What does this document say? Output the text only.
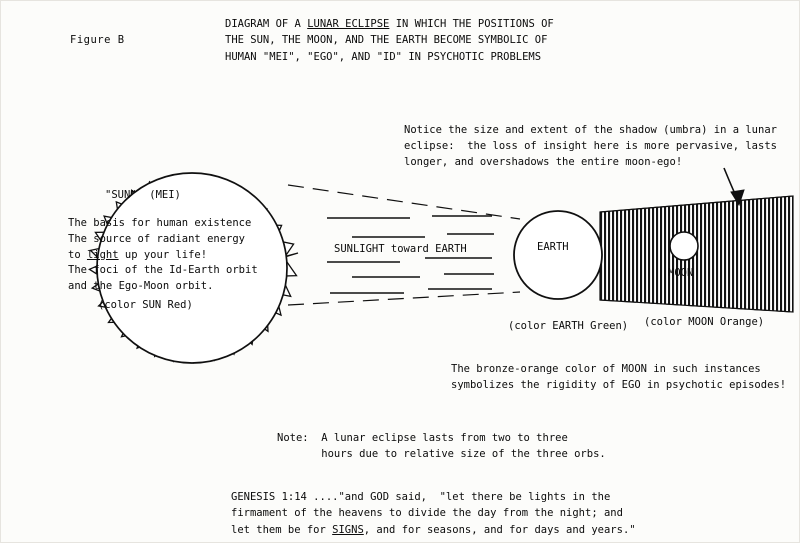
Figure B
DIAGRAM OF A LUNAR ECLIPSE IN WHICH THE POSITIONS OF
THE SUN, THE MOON, AND THE EARTH BECOME SYMBOLIC OF
HUMAN "MEI", "EGO", AND "ID" IN PSYCHOTIC PROBLEMS
"SUN"  (MEI)
The basis for human existence
The source of radiant energy
to light up your life!
The foci of the Id-Earth orbit
and the Ego-Moon orbit.
(color SUN Red)
SUNLIGHT toward EARTH	EARTH
(color EARTH Green)
MOON
(color MOON Orange)
Notice the size and extent of the shadow (umbra) in a lunar
eclipse:  the loss of insight here is more pervasive, lasts
longer, and overshadows the entire moon-ego!
The bronze-orange color of MOON in such instances
symbolizes the rigidity of EGO in psychotic episodes!
Note:  A lunar eclipse lasts from two to three
hours due to relative size of the three orbs.
GENESIS 1:14 ...."and GOD said,  "let there be lights in the
firmament of the heavens to divide the day from the night; and
let them be for SIGNS, and for seasons, and for days and years."
